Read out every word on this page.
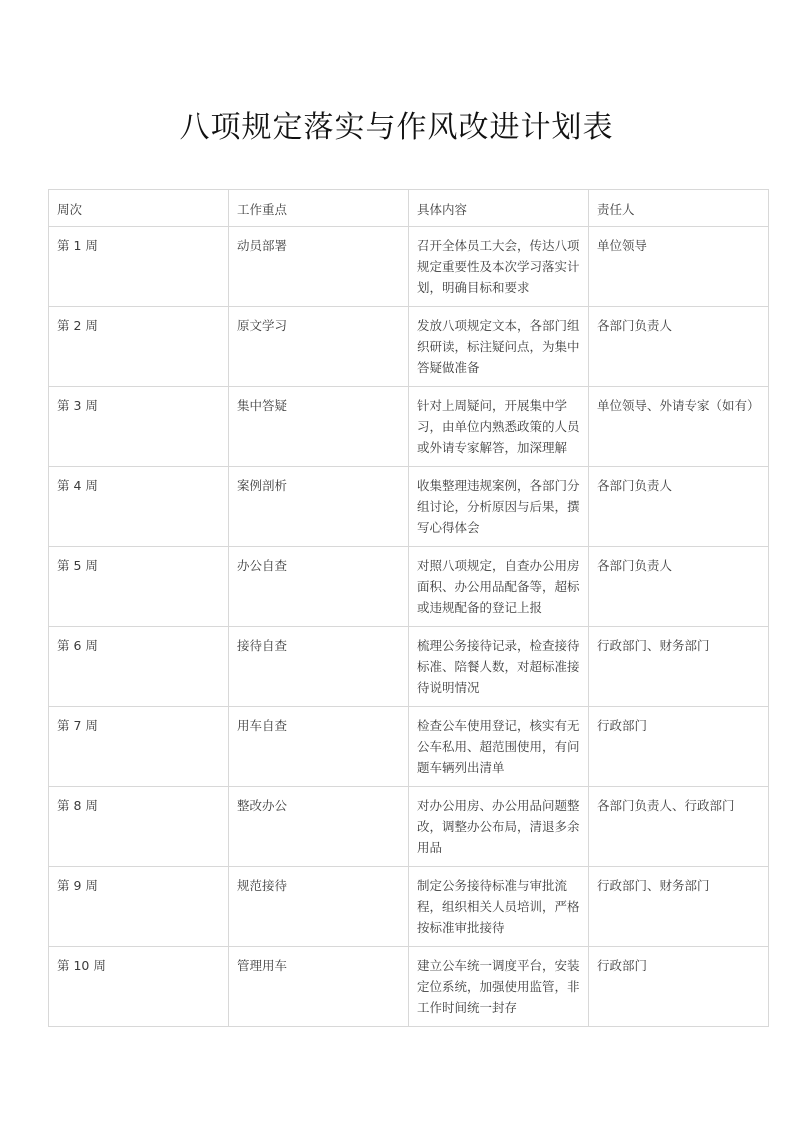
八项规定落实与作风改进计划表
周次	工作重点	具体内容	责任人
第 1 周	动员部署	召开全体员工大会，传达八项规定重要性及本次学习落实计划，明确目标和要求	单位领导
第 2 周	原文学习	发放八项规定文本，各部门组织研读，标注疑问点，为集中答疑做准备	各部门负责人
第 3 周	集中答疑	针对上周疑问，开展集中学习，由单位内熟悉政策的人员或外请专家解答，加深理解	单位领导、外请专家（如有）
第 4 周	案例剖析	收集整理违规案例，各部门分组讨论，分析原因与后果，撰写心得体会	各部门负责人
第 5 周	办公自查	对照八项规定，自查办公用房面积、办公用品配备等，超标或违规配备的登记上报	各部门负责人
第 6 周	接待自查	梳理公务接待记录，检查接待标准、陪餐人数，对超标准接待说明情况	行政部门、财务部门
第 7 周	用车自查	检查公车使用登记，核实有无公车私用、超范围使用，有问题车辆列出清单	行政部门
第 8 周	整改办公	对办公用房、办公用品问题整改，调整办公布局，清退多余用品	各部门负责人、行政部门
第 9 周	规范接待	制定公务接待标准与审批流程，组织相关人员培训，严格按标准审批接待	行政部门、财务部门
第 10 周	管理用车	建立公车统一调度平台，安装定位系统，加强使用监管，非工作时间统一封存	行政部门
